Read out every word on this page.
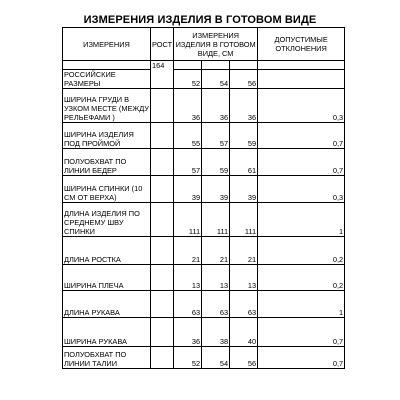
ИЗМЕРЕНИЯ ИЗДЕЛИЯ В ГОТОВОМ ВИДЕ
ИЗМЕРЕНИЯ	РОСТ	ИЗМЕРЕНИЯ ИЗДЕЛИЯ В ГОТОВОМ ВИДЕ, СМ			ДОПУСТИМЫЕ ОТКЛОНЕНИЯ
	164				
РОССИЙСКИЕ РАЗМЕРЫ		52	54	56	
ШИРИНА ГРУДИ В УЗКОМ МЕСТЕ (МЕЖДУ РЕЛЬЕФАМИ )		36	36	36	0,3
ШИРИНА ИЗДЕЛИЯ ПОД ПРОЙМОЙ		55	57	59	0,7
ПОЛУОБХВАТ ПО ЛИНИИ БЕДЕР		57	59	61	0,7
ШИРИНА СПИНКИ (10 СМ ОТ ВЕРХА)		39	39	39	0,3
ДЛИНА ИЗДЕЛИЯ ПО СРЕДНЕМУ ШВУ СПИНКИ		111	111	111	1
ДЛИНА РОСТКА		21	21	21	0,2
ШИРИНА ПЛЕЧА		13	13	13	0,2
ДЛИНА РУКАВА		63	63	63	1
ШИРИНА РУКАВА		36	38	40	0,7
ПОЛУОБХВАТ ПО ЛИНИИ ТАЛИИ		52	54	56	0,7
